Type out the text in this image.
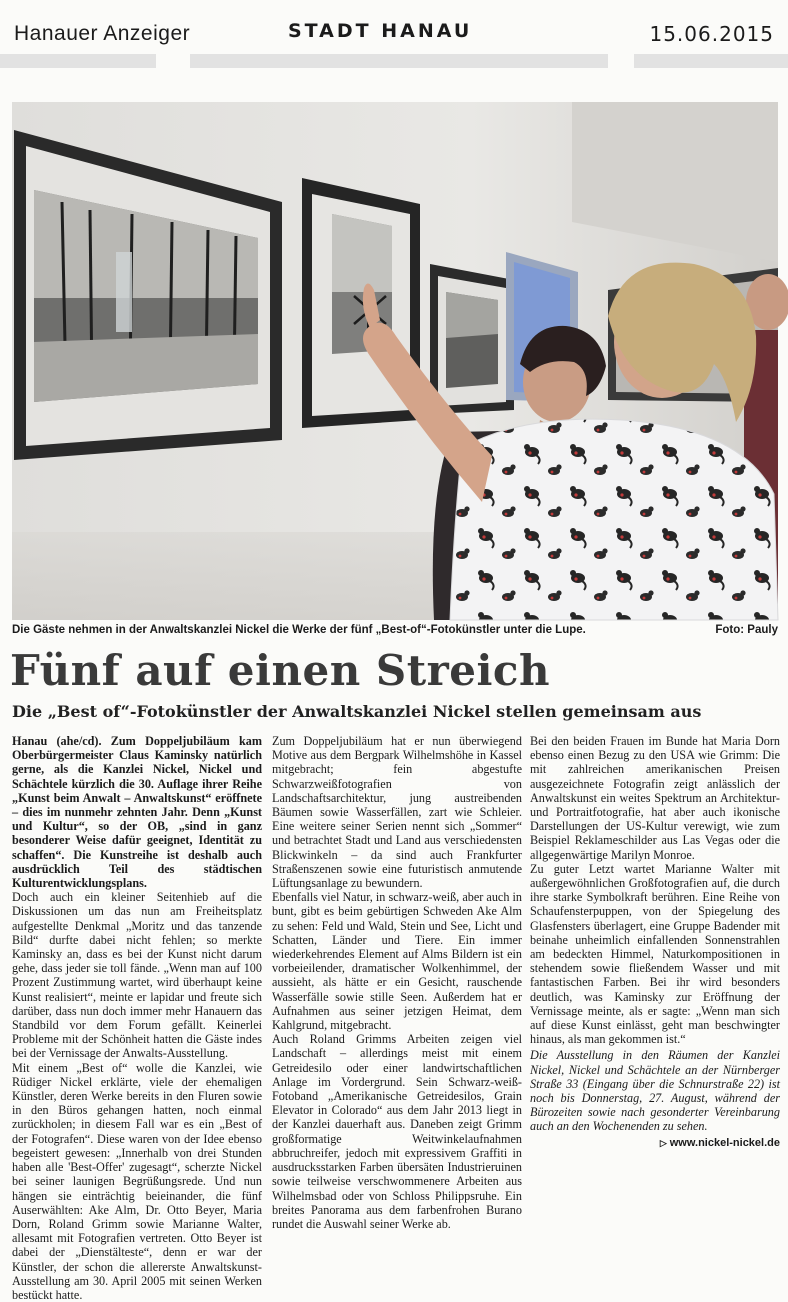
Hanauer Anzeiger	STADT HANAU	15.06.2015
Die Gäste nehmen in der Anwaltskanzlei Nickel die Werke der fünf „Best-of“-Fotokünstler unter die Lupe.	Foto: Pauly
Fünf auf einen Streich
Die „Best of“-Fotokünstler der Anwaltskanzlei Nickel stellen gemeinsam aus

Hanau (ahe/cd). Zum Doppeljubiläum kam Oberbürgermeister Claus Kaminsky natürlich gerne, als die Kanzlei Nickel, Nickel und Schächtele kürzlich die 30. Auflage ihrer Reihe „Kunst beim Anwalt – Anwaltskunst“ eröffnete – dies im nunmehr zehnten Jahr. Denn „Kunst und Kultur“, so der OB, „sind in ganz besonderer Weise dafür geeignet, Identität zu schaffen“. Die Kunstreihe ist deshalb auch ausdrücklich Teil des städtischen Kulturentwicklungsplans.

Doch auch ein kleiner Seitenhieb auf die Diskussionen um das nun am Freiheitsplatz aufgestellte Denkmal „Moritz und das tanzende Bild“ durfte dabei nicht fehlen; so merkte Kaminsky an, dass es bei der Kunst nicht darum gehe, dass jeder sie toll fände. „Wenn man auf 100 Prozent Zustimmung wartet, wird überhaupt keine Kunst realisiert“, meinte er lapidar und freute sich darüber, dass nun doch immer mehr Hanauern das Standbild vor dem Forum gefällt. Keinerlei Probleme mit der Schönheit hatten die Gäste indes bei der Vernissage der Anwalts-Ausstellung.

Mit einem „Best of“ wolle die Kanzlei, wie Rüdiger Nickel erklärte, viele der ehemaligen Künstler, deren Werke bereits in den Fluren sowie in den Büros gehangen hatten, noch einmal zurückholen; in diesem Fall war es ein „Best of der Fotografen“. Diese waren von der Idee ebenso begeistert gewesen: „Innerhalb von drei Stunden haben alle 'Best-Offer' zugesagt“, scherzte Nickel bei seiner launigen Begrüßungsrede. Und nun hängen sie einträchtig beieinander, die fünf Auserwählten: Ake Alm, Dr. Otto Beyer, Maria Dorn, Roland Grimm sowie Marianne Walter, allesamt mit Fotografien vertreten. Otto Beyer ist dabei der „Dienstälteste“, denn er war der Künstler, der schon die allererste Anwaltskunst-Ausstellung am 30. April 2005 mit seinen Werken bestückt hatte.

Zum Doppeljubiläum hat er nun überwiegend Motive aus dem Bergpark Wilhelmshöhe in Kassel mitgebracht; fein abgestufte Schwarzweißfotografien von Landschaftsarchitektur, jung austreibenden Bäumen sowie Wasserfällen, zart wie Schleier. Eine weitere seiner Serien nennt sich „Sommer“ und betrachtet Stadt und Land aus verschiedensten Blickwinkeln – da sind auch Frankfurter Straßenszenen sowie eine futuristisch anmutende Lüftungsanlage zu bewundern.

Ebenfalls viel Natur, in schwarz-weiß, aber auch in bunt, gibt es beim gebürtigen Schweden Ake Alm zu sehen: Feld und Wald, Stein und See, Licht und Schatten, Länder und Tiere. Ein immer wiederkehrendes Element auf Alms Bildern ist ein vorbeieilender, dramatischer Wolkenhimmel, der aussieht, als hätte er ein Gesicht, rauschende Wasserfälle sowie stille Seen. Außerdem hat er Aufnahmen aus seiner jetzigen Heimat, dem Kahlgrund, mitgebracht.

Auch Roland Grimms Arbeiten zeigen viel Landschaft – allerdings meist mit einem Getreidesilo oder einer landwirtschaftlichen Anlage im Vordergrund. Sein Schwarz-weiß-Fotoband „Amerikanische Getreidesilos, Grain Elevator in Colorado“ aus dem Jahr 2013 liegt in der Kanzlei dauerhaft aus. Daneben zeigt Grimm großformatige Weitwinkelaufnahmen abbruchreifer, jedoch mit expressivem Graffiti in ausdrucksstarken Farben übersäten Industrieruinen sowie teilweise verschwommenere Arbeiten aus Wilhelmsbad oder von Schloss Philippsruhe. Ein breites Panorama aus dem farbenfrohen Burano rundet die Auswahl seiner Werke ab.

Bei den beiden Frauen im Bunde hat Maria Dorn ebenso einen Bezug zu den USA wie Grimm: Die mit zahlreichen amerikanischen Preisen ausgezeichnete Fotografin zeigt anlässlich der Anwaltskunst ein weites Spektrum an Architektur- und Portraitfotografie, hat aber auch ikonische Darstellungen der US-Kultur verewigt, wie zum Beispiel Reklameschilder aus Las Vegas oder die allgegenwärtige Marilyn Monroe.

Zu guter Letzt wartet Marianne Walter mit außergewöhnlichen Großfotografien auf, die durch ihre starke Symbolkraft berühren. Eine Reihe von Schaufensterpuppen, von der Spiegelung des Glasfensters überlagert, eine Gruppe Badender mit beinahe unheimlich einfallenden Sonnenstrahlen am bedeckten Himmel, Naturkompositionen in stehendem sowie fließendem Wasser und mit fantastischen Farben. Bei ihr wird besonders deutlich, was Kaminsky zur Eröffnung der Vernissage meinte, als er sagte: „Wenn man sich auf diese Kunst einlässt, geht man beschwingter hinaus, als man gekommen ist.“

Die Ausstellung in den Räumen der Kanzlei Nickel, Nickel und Schächtele an der Nürnberger Straße 33 (Eingang über die Schnurstraße 22) ist noch bis Donnerstag, 27. August, während der Bürozeiten sowie nach gesonderter Vereinbarung auch an den Wochenenden zu sehen.

▷ www.nickel-nickel.de
